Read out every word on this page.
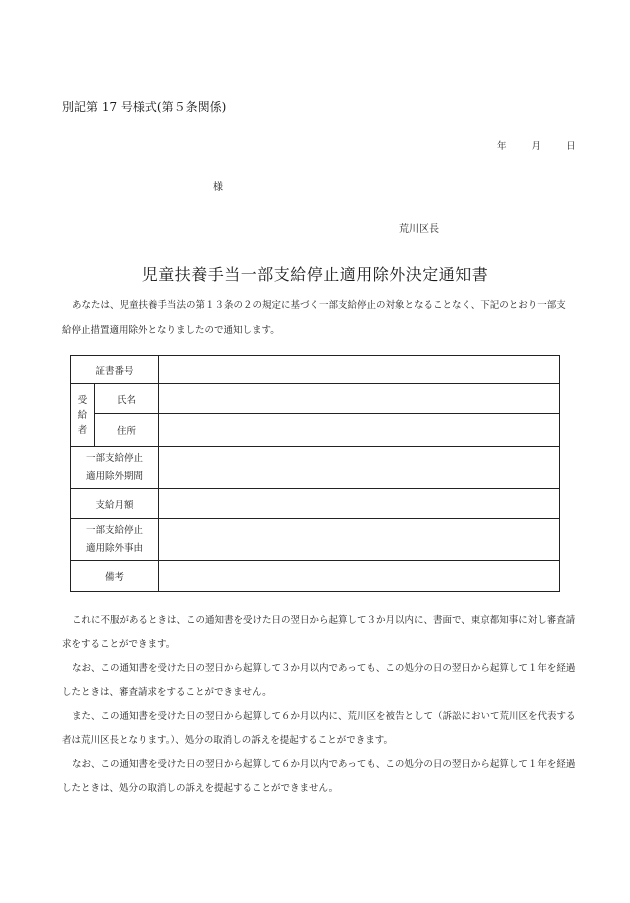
別記第 17 号様式(第５条関係)
年	月	日
様
荒川区長
児童扶養手当一部支給停止適用除外決定通知書
あなたは、児童扶養手当法の第１３条の２の規定に基づく一部支給停止の対象となることなく、下記のとおり一部支給停止措置適用除外となりましたので通知します。
証書番号		

受
給
者	氏名	
	住所	

一部支給停止
適用除外期間		

支給月額		

一部支給停止
適用除外事由		

備考		

これに不服があるときは、この通知書を受けた日の翌日から起算して３か月以内に、書面で、東京都知事に対し審査請求をすることができます。

なお、この通知書を受けた日の翌日から起算して３か月以内であっても、この処分の日の翌日から起算して１年を経過したときは、審査請求をすることができません。

また、この通知書を受けた日の翌日から起算して６か月以内に、荒川区を被告として（訴訟において荒川区を代表する者は荒川区長となります。）、処分の取消しの訴えを提起することができます。

なお、この通知書を受けた日の翌日から起算して６か月以内であっても、この処分の日の翌日から起算して１年を経過したときは、処分の取消しの訴えを提起することができません。
